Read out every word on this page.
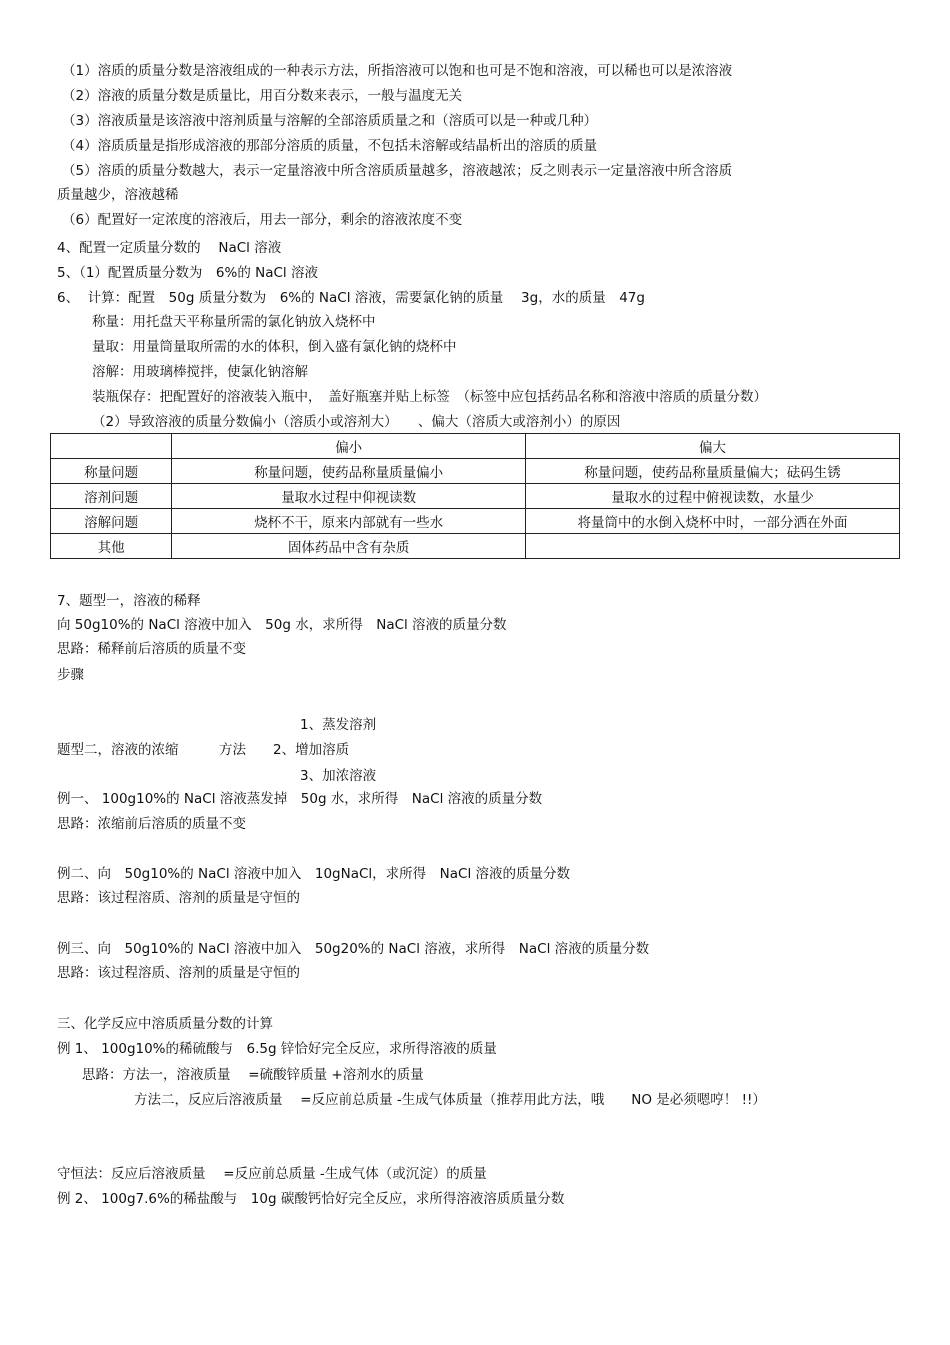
（1）溶质的质量分数是溶液组成的一种表示方法，所指溶液可以饱和也可是不饱和溶液，可以稀也可以是浓溶液
（2）溶液的质量分数是质量比，用百分数来表示，一般与温度无关
（3）溶液质量是该溶液中溶剂质量与溶解的全部溶质质量之和（溶质可以是一种或几种）
（4）溶质质量是指形成溶液的那部分溶质的质量，不包括未溶解或结晶析出的溶质的质量
（5）溶质的质量分数越大，表示一定量溶液中所含溶质质量越多，溶液越浓；反之则表示一定量溶液中所含溶质
质量越少，溶液越稀
（6）配置好一定浓度的溶液后，用去一部分，剩余的溶液浓度不变
4、配置一定质量分数的　 NaCl 溶液
5、（1）配置质量分数为　6%的 NaCl 溶液
6、  计算：配置　50g 质量分数为　6%的 NaCl 溶液，需要氯化钠的质量　 3g，水的质量　47g
称量：用托盘天平称量所需的氯化钠放入烧杯中
量取：用量筒量取所需的水的体积，倒入盛有氯化钠的烧杯中
溶解：用玻璃棒搅拌，使氯化钠溶解
装瓶保存：把配置好的溶液装入瓶中，　盖好瓶塞并贴上标签　（标签中应包括药品名称和溶液中溶质的质量分数）
（2）导致溶液的质量分数偏小（溶质小或溶剂大）　　、偏大（溶质大或溶剂小）的原因
7、题型一，溶液的稀释
向 50g10%的 NaCl 溶液中加入　50g 水，求所得　NaCl 溶液的质量分数
思路：稀释前后溶质的质量不变
步骤
1、蒸发溶剂
题型二，溶液的浓缩　　　方法　　2、增加溶质
3、加浓溶液
例一、 100g10%的 NaCl 溶液蒸发掉　50g 水，求所得　NaCl 溶液的质量分数
思路：浓缩前后溶质的质量不变
例二、向　50g10%的 NaCl 溶液中加入　10gNaCl，求所得　NaCl 溶液的质量分数
思路：该过程溶质、溶剂的质量是守恒的
例三、向　50g10%的 NaCl 溶液中加入　50g20%的 NaCl 溶液，求所得　NaCl 溶液的质量分数
思路：该过程溶质、溶剂的质量是守恒的
三、化学反应中溶质质量分数的计算
例 1、 100g10%的稀硫酸与　6.5g 锌恰好完全反应，求所得溶液的质量
思路：方法一，溶液质量　 =硫酸锌质量 +溶剂水的质量
方法二，反应后溶液质量　 =反应前总质量 -生成气体质量（推荐用此方法，哦　　NO 是必须嗯哼！ !!）
守恒法：反应后溶液质量　 =反应前总质量 -生成气体（或沉淀）的质量
例 2、 100g7.6%的稀盐酸与　10g 碳酸钙恰好完全反应，求所得溶液溶质质量分数
	偏小	偏大
称量问题	称量问题，使药品称量质量偏小	称量问题，使药品称量质量偏大；砝码生锈
溶剂问题	量取水过程中仰视读数	量取水的过程中俯视读数，水量少
溶解问题	烧杯不干，原来内部就有一些水	将量筒中的水倒入烧杯中时，一部分洒在外面
其他	固体药品中含有杂质	
